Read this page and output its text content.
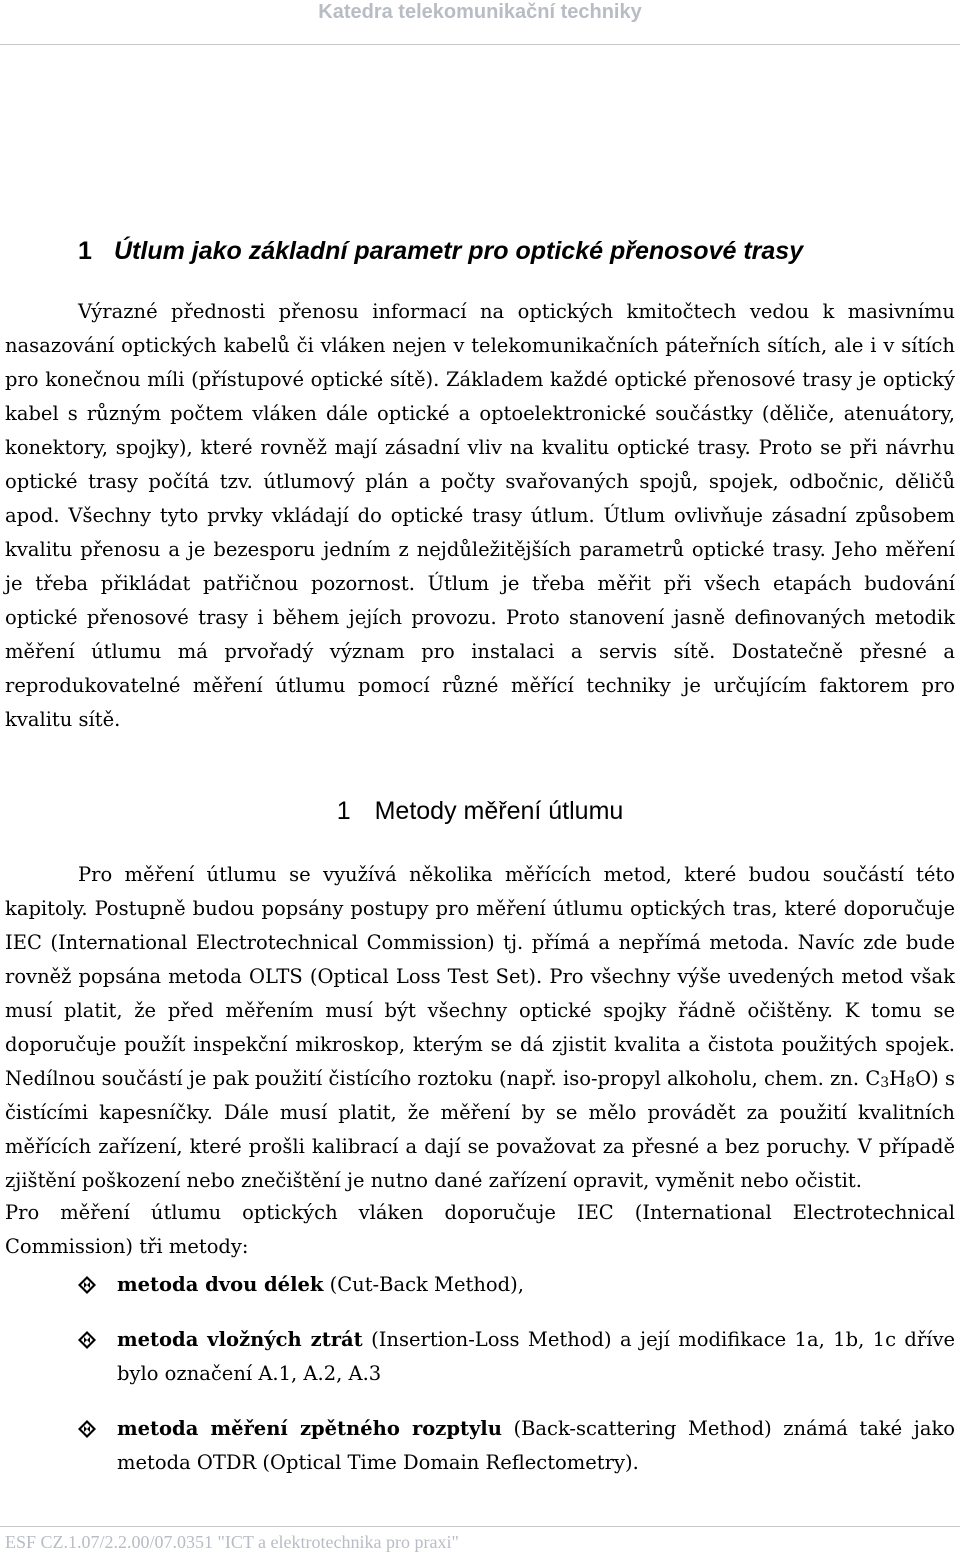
Katedra telekomunikační techniky
1 Útlum jako základní parametr pro optické přenosové trasy
Výrazné přednosti přenosu informací na optických kmitočtech vedou k masivnímu nasazování optických kabelů či vláken nejen v telekomunikačních páteřních sítích, ale i v sítích pro konečnou míli (přístupové optické sítě). Základem každé optické přenosové trasy je optický kabel s různým počtem vláken dále optické a optoelektronické součástky (děliče, atenuátory, konektory, spojky), které rovněž mají zásadní vliv na kvalitu optické trasy. Proto se při návrhu optické trasy počítá tzv. útlumový plán a počty svařovaných spojů, spojek, odbočnic, děličů apod. Všechny tyto prvky vkládají do optické trasy útlum. Útlum ovlivňuje zásadní způsobem kvalitu přenosu a je bezesporu jedním z nejdůležitějších parametrů optické trasy. Jeho měření je třeba přikládat patřičnou pozornost. Útlum je třeba měřit při všech etapách budování optické přenosové trasy i během jejích provozu. Proto stanovení jasně definovaných metodik měření útlumu má prvořadý význam pro instalaci a servis sítě. Dostatečně přesné a reprodukovatelné měření útlumu pomocí různé měřící techniky je určujícím faktorem pro kvalitu sítě.
1 Metody měření útlumu
Pro měření útlumu se využívá několika měřících metod, které budou součástí této kapitoly. Postupně budou popsány postupy pro měření útlumu optických tras, které doporučuje IEC (International Electrotechnical Commission) tj. přímá a nepřímá metoda. Navíc zde bude rovněž popsána metoda OLTS (Optical Loss Test Set). Pro všechny výše uvedených metod však musí platit, že před měřením musí být všechny optické spojky řádně očištěny. K tomu se doporučuje použít inspekční mikroskop, kterým se dá zjistit kvalita a čistota použitých spojek. Nedílnou součástí je pak použití čistícího roztoku (např. iso-propyl alkoholu, chem. zn. $C_3H_8O$) s čistícími kapesníčky. Dále musí platit, že měření by se mělo provádět za použití kvalitních měřících zařízení, které prošli kalibrací a dají se považovat za přesné a bez poruchy. V případě zjištění poškození nebo znečištění je nutno dané zařízení opravit, vyměnit nebo očistit.
Pro měření útlumu optických vláken doporučuje IEC (International Electrotechnical Commission) tři metody:
metoda dvou délek (Cut-Back Method),
metoda vložných ztrát (Insertion-Loss Method) a její modifikace 1a, 1b, 1c dříve bylo označení A.1, A.2, A.3
metoda měření zpětného rozptylu (Back-scattering Method) známá také jako metoda OTDR (Optical Time Domain Reflectometry).
ESF CZ.1.07/2.2.00/07.0351 "ICT a elektrotechnika pro praxi"
